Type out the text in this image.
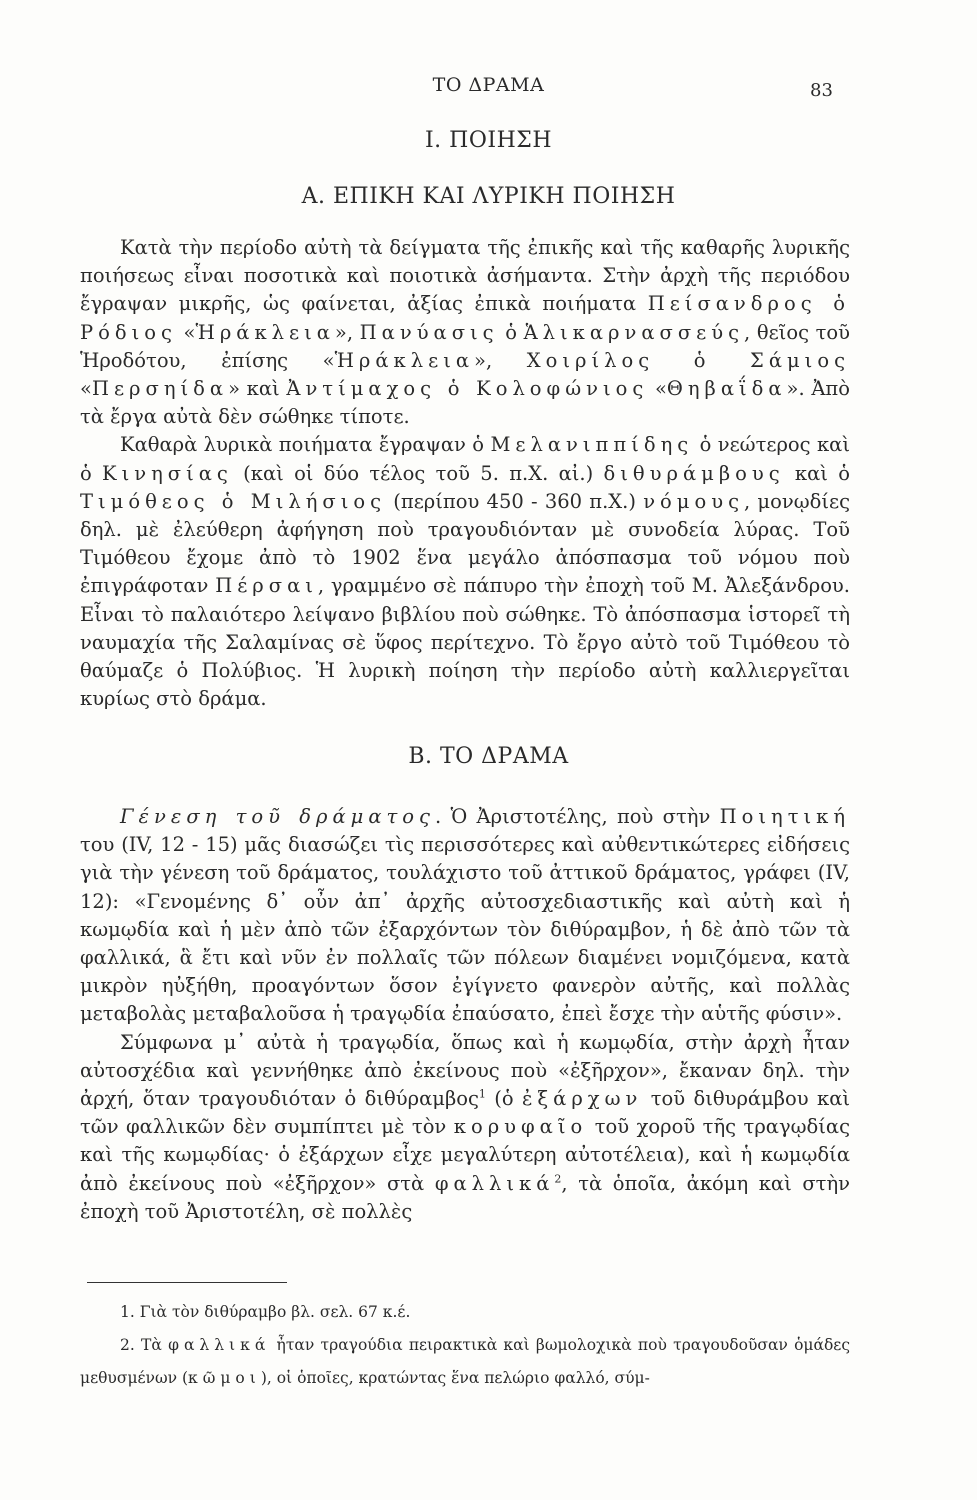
ΤΟ ΔΡΑΜΑ	83
Ι. ΠΟΙΗΣΗ
Α. ΕΠΙΚΗ ΚΑΙ ΛΥΡΙΚΗ ΠΟΙΗΣΗ

Κατὰ τὴν περίοδο αὐτὴ τὰ δείγματα τῆς ἐπικῆς καὶ τῆς καθαρῆς λυρικῆς ποιήσεως εἶναι ποσοτικὰ καὶ ποιοτικὰ ἀσήμαντα. Στὴν ἀρχὴ τῆς περιόδου ἔγραψαν μικρῆς, ὡς φαίνεται, ἀξίας ἐπικὰ ποιήματα Πείσανδρος ὁ Ρόδιος «Ἡράκλεια», Πανύασις ὁ Ἁλικαρνασσεύς, θεῖος τοῦ Ἡροδότου, ἐπίσης «Ἡράκλεια», Χοιρίλος ὁ Σάμιος «Περσηίδα» καὶ Ἀντίμαχος ὁ Κολοφώνιος «Θηβαΐδα». Ἀπὸ τὰ ἔργα αὐτὰ δὲν σώθηκε τίποτε.

Καθαρὰ λυρικὰ ποιήματα ἔγραψαν ὁ Μελανιππίδης ὁ νεώτερος καὶ ὁ Κινησίας (καὶ οἱ δύο τέλος τοῦ 5. π.Χ. αἰ.) διθυράμβους καὶ ὁ Τιμόθεος ὁ Μιλήσιος (περίπου 450 - 360 π.Χ.) νόμους, μονῳδίες δηλ. μὲ ἐλεύθερη ἀφήγηση ποὺ τραγουδιόνταν μὲ συνοδεία λύρας. Τοῦ Τιμόθεου ἔχομε ἀπὸ τὸ 1902 ἕνα μεγάλο ἀπόσπασμα τοῦ νόμου ποὺ ἐπιγράφοταν Πέρσαι, γραμμένο σὲ πάπυρο τὴν ἐποχὴ τοῦ Μ. Ἀλεξάνδρου. Εἶναι τὸ παλαιότερο λείψανο βιβλίου ποὺ σώθηκε. Τὸ ἀπόσπασμα ἱστορεῖ τὴ ναυμαχία τῆς Σαλαμίνας σὲ ὕφος περίτεχνο. Τὸ ἔργο αὐτὸ τοῦ Τιμόθεου τὸ θαύμαζε ὁ Πολύβιος. Ἡ λυρικὴ ποίηση τὴν περίοδο αὐτὴ καλλιεργεῖται κυρίως στὸ δράμα.

Β. ΤΟ ΔΡΑΜΑ

Γένεση τοῦ δράματος. Ὁ Ἀριστοτέλης, ποὺ στὴν Ποιητική του (IV, 12 - 15) μᾶς διασώζει τὶς περισσότερες καὶ αὐθεντικώτερες εἰδήσεις γιὰ τὴν γένεση τοῦ δράματος, τουλάχιστο τοῦ ἀττικοῦ δράματος, γράφει (IV, 12): «Γενομένης δ᾽ οὖν ἀπ᾽ ἀρχῆς αὐτοσχεδιαστικῆς καὶ αὐτὴ καὶ ἡ κωμῳδία καὶ ἡ μὲν ἀπὸ τῶν ἐξαρχόντων τὸν διθύραμβον, ἡ δὲ ἀπὸ τῶν τὰ φαλλικά, ἃ ἔτι καὶ νῦν ἐν πολλαῖς τῶν πόλεων διαμένει νομιζόμενα, κατὰ μικρὸν ηὐξήθη, προαγόντων ὅσον ἐγίγνετο φανερὸν αὐτῆς, καὶ πολλὰς μεταβολὰς μεταβαλοῦσα ἡ τραγῳδία ἐπαύσατο, ἐπεὶ ἔσχε τὴν αὑτῆς φύσιν».

Σύμφωνα μ᾽ αὐτὰ ἡ τραγῳδία, ὅπως καὶ ἡ κωμῳδία, στὴν ἀρχὴ ἦταν αὐτοσχέδια καὶ γεννήθηκε ἀπὸ ἐκείνους ποὺ «ἐξῆρχον», ἔκαναν δηλ. τὴν ἀρχή, ὅταν τραγουδιόταν ὁ διθύραμβος$^1$ (ὁ ἐξάρχων τοῦ διθυράμβου καὶ τῶν φαλλικῶν δὲν συμπίπτει μὲ τὸν κορυφαῖο τοῦ χοροῦ τῆς τραγῳδίας καὶ τῆς κωμῳδίας· ὁ ἐξάρχων εἶχε μεγαλύτερη αὐτοτέλεια), καὶ ἡ κωμῳδία ἀπὸ ἐκείνους ποὺ «ἐξῆρχον» στὰ φαλλικά$^2$, τὰ ὁποῖα, ἀκόμη καὶ στὴν ἐποχὴ τοῦ Ἀριστοτέλη, σὲ πολλὲς

1. Γιὰ τὸν διθύραμβο βλ. σελ. 67 κ.έ.

2. Τὰ φαλλικά ἦταν τραγούδια πειρακτικὰ καὶ βωμολοχικὰ ποὺ τραγουδοῦσαν ὁμάδες μεθυσμένων (κῶμοι), οἱ ὁποῖες, κρατώντας ἕνα πελώριο φαλλό, σύμ-
